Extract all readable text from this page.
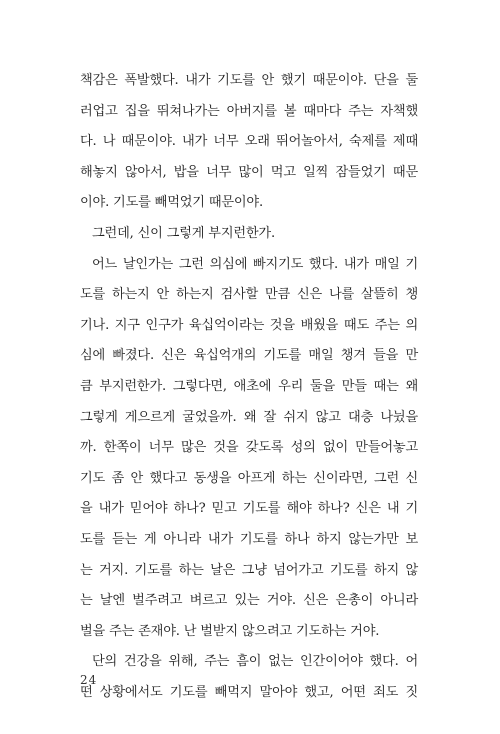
책감은 폭발했다. 내가 기도를 안 했기 때문이야. 단을 둘
러업고 집을 뛰쳐나가는 아버지를 볼 때마다 주는 자책했
다. 나 때문이야. 내가 너무 오래 뛰어놀아서, 숙제를 제때
해놓지 않아서, 밥을 너무 많이 먹고 일찍 잠들었기 때문
이야. 기도를 빼먹었기 때문이야.
그런데, 신이 그렇게 부지런한가.
어느 날인가는 그런 의심에 빠지기도 했다. 내가 매일 기
도를 하는지 안 하는지 검사할 만큼 신은 나를 살뜰히 챙
기나. 지구 인구가 육십억이라는 것을 배웠을 때도 주는 의
심에 빠졌다. 신은 육십억개의 기도를 매일 챙겨 들을 만
큼 부지런한가. 그렇다면, 애초에 우리 둘을 만들 때는 왜
그렇게 게으르게 굴었을까. 왜 잘 쉬지 않고 대충 나뉬을
까. 한쪽이 너무 많은 것을 갖도록 성의 없이 만들어놓고
기도 좀 안 했다고 동생을 아프게 하는 신이라면, 그런 신
을 내가 믿어야 하나? 믿고 기도를 해야 하나? 신은 내 기
도를 듣는 게 아니라 내가 기도를 하나 하지 않는가만 보
는 거지. 기도를 하는 날은 그냥 넘어가고 기도를 하지 않
는 날엔 벌주려고 벼르고 있는 거야. 신은 은총이 아니라
벌을 주는 존재야. 난 벌받지 않으려고 기도하는 거야.
단의 건강을 위해, 주는 흠이 없는 인간이어야 했다. 어
떤 상황에서도 기도를 빼먹지 말아야 했고, 어떤 죄도 짓
24
